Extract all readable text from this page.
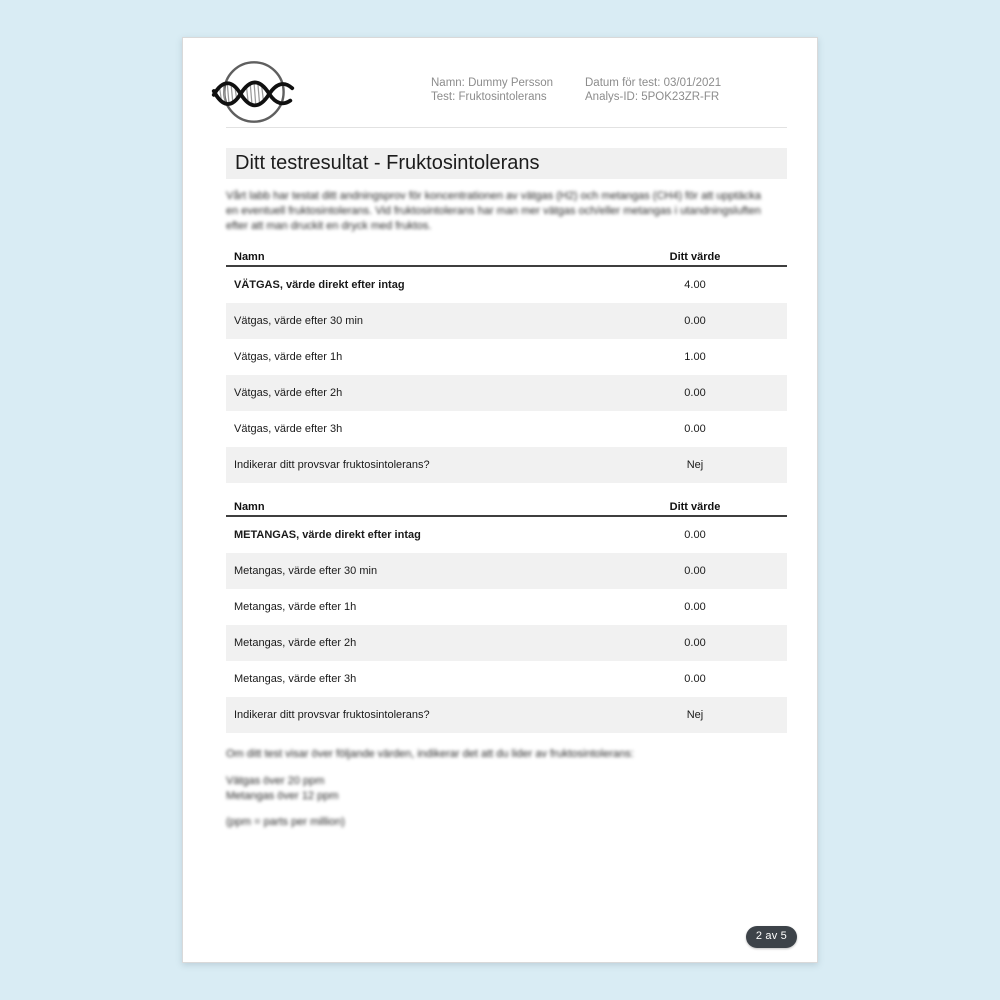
Namn: Dummy Persson
Test: Fruktosintolerans
Datum för test: 03/01/2021
Analys-ID: 5POK23ZR-FR
Ditt testresultat - Fruktosintolerans
Vårt labb har testat ditt andningsprov för koncentrationen av vätgas (H2) och metangas (CH4) för att upptäcka
en eventuell fruktosintolerans. Vid fruktosintolerans har man mer vätgas och/eller metangas i utandningsluften
efter att man druckit en dryck med fruktos.
Namn	Ditt värde
VÄTGAS, värde direkt efter intag	4.00
Vätgas, värde efter 30 min	0.00
Vätgas, värde efter 1h	1.00
Vätgas, värde efter 2h	0.00
Vätgas, värde efter 3h	0.00
Indikerar ditt provsvar fruktosintolerans?	Nej
Namn	Ditt värde
METANGAS, värde direkt efter intag	0.00
Metangas, värde efter 30 min	0.00
Metangas, värde efter 1h	0.00
Metangas, värde efter 2h	0.00
Metangas, värde efter 3h	0.00
Indikerar ditt provsvar fruktosintolerans?	Nej
Om ditt test visar över följande värden, indikerar det att du lider av fruktosintolerans:
Vätgas över 20 ppm
Metangas över 12 ppm
(ppm = parts per million)
2 av 5
